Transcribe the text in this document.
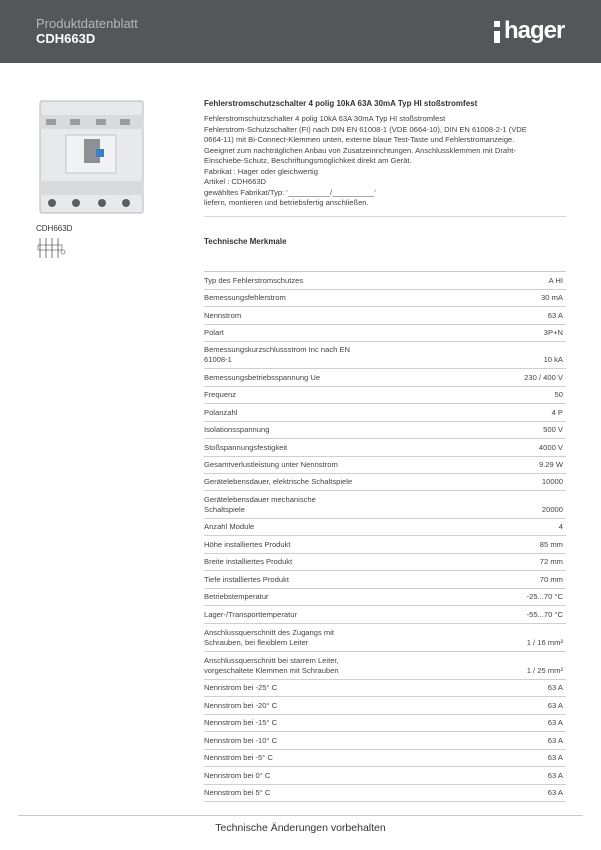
Produktdatenblatt
CDH663D	hager
CDH663D
Fehlerstromschutzschalter 4 polig 10kA 63A 30mA Typ HI stoßstromfest
Fehlerstromschutzschalter 4 polig 10kA 63A 30mA Typ HI stoßstromfest
Fehlerstrom-Schutzschalter (FI) nach DIN EN 61008-1 (VDE 0664-10), DIN EN 61008-2-1 (VDE
0664-11) mit Bi-Connect-Klemmen unten, externe blaue Test-Taste und Fehlerstromanzeige.
Geeignet zum nachträglichen Anbau von Zusatzeinrichtungen. Anschlussklemmen mit Draht-
Einschiebe-Schutz, Beschriftungsmöglichkeit direkt am Gerät.
Fabrikat : Hager oder gleichwertig
Artikel : CDH663D
gewähltes Fabrikat/Typ: '__________/__________'
liefern, montieren und betriebsfertig anschließen.
Technische Merkmale
Typ des Fehlerstromschutzes	A HI
Bemessungsfehlerstrom	30 mA
Nennstrom	63 A
Polart	3P+N
Bemessungskurzschlussstrom Inc nach EN
61008-1	10 kA
Bemessungsbetriebsspannung Ue	230 / 400 V
Frequenz	50
Polanzahl	4 P
Isolationsspannung	500 V
Stoßspannungsfestigkeit	4000 V
Gesamtverlustleistung unter Nennstrom	9.29 W
Gerätelebensdauer, elektrische Schaltspiele	10000
Gerätelebensdauer mechanische
Schaltspiele	20000
Anzahl Module	4
Höhe installiertes Produkt	85 mm
Breite installiertes Produkt	72 mm
Tiefe installiertes Produkt	70 mm
Betriebstemperatur	-25...70 °C
Lager-/Transporttemperatur	-55...70 °C
Anschlussquerschnitt des Zugangs mit
Schrauben, bei flexiblem Leiter	1 / 16 mm²
Anschlussquerschnitt bei starrem Leiter,
vorgeschaltete Klemmen mit Schrauben	1 / 25 mm²
Nennstrom bei -25° C	63 A
Nennstrom bei -20° C	63 A
Nennstrom bei -15° C	63 A
Nennstrom bei -10° C	63 A
Nennstrom bei -5° C	63 A
Nennstrom bei 0° C	63 A
Nennstrom bei 5° C	63 A
Technische Änderungen vorbehalten
